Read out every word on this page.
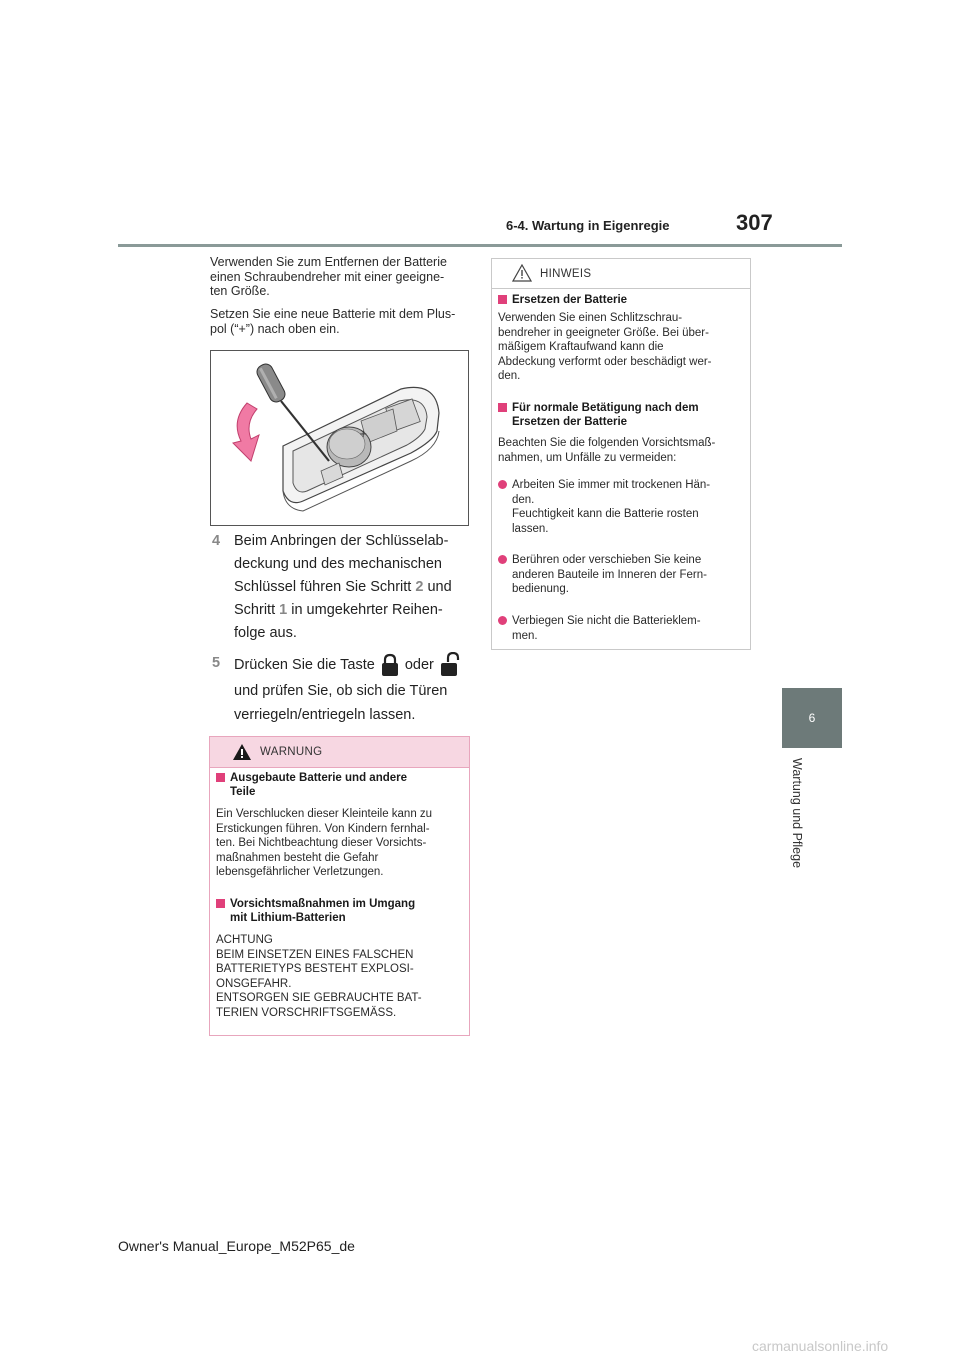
6-4. Wartung in Eigenregie	307
6
Wartung und Pflege
Verwenden Sie zum Entfernen der Batterie
einen Schraubendreher mit einer geeigne-
ten Größe.
Setzen Sie eine neue Batterie mit dem Plus-
pol (“+”) nach oben ein.
+

4 Beim Anbringen der Schlüsselab-

deckung und des mechanischen

Schlüssel führen Sie Schritt 2 und

Schritt 1 in umgekehrter Reihen-

folge aus.

5 Drücken Sie die Taste  oder

und prüfen Sie, ob sich die Türen

verriegeln/entriegeln lassen.

WARNUNG

Ausgebaute Batterie und andere
Teile

Ein Verschlucken dieser Kleinteile kann zu
Erstickungen führen. Von Kindern fernhal-
ten. Bei Nichtbeachtung dieser Vorsichts-
maßnahmen besteht die Gefahr
lebensgefährlicher Verletzungen.

Vorsichtsmaßnahmen im Umgang
mit Lithium-Batterien

ACHTUNG
BEIM EINSETZEN EINES FALSCHEN
BATTERIETYPS BESTEHT EXPLOSI-
ONSGEFAHR.
ENTSORGEN SIE GEBRAUCHTE BAT-
TERIEN VORSCHRIFTSGEMÄSS.
HINWEIS

Ersetzen der Batterie

Verwenden Sie einen Schlitzschrau-
bendreher in geeigneter Größe. Bei über-
mäßigem Kraftaufwand kann die
Abdeckung verformt oder beschädigt wer-
den.

Für normale Betätigung nach dem
Ersetzen der Batterie

Beachten Sie die folgenden Vorsichtsmaß-
nahmen, um Unfälle zu vermeiden:
Arbeiten Sie immer mit trockenen Hän-
den.
Feuchtigkeit kann die Batterie rosten
lassen.
Berühren oder verschieben Sie keine
anderen Bauteile im Inneren der Fern-
bedienung.
Verbiegen Sie nicht die Batterieklem-
men.
Owner's Manual_Europe_M52P65_de
carmanualsonline.info
